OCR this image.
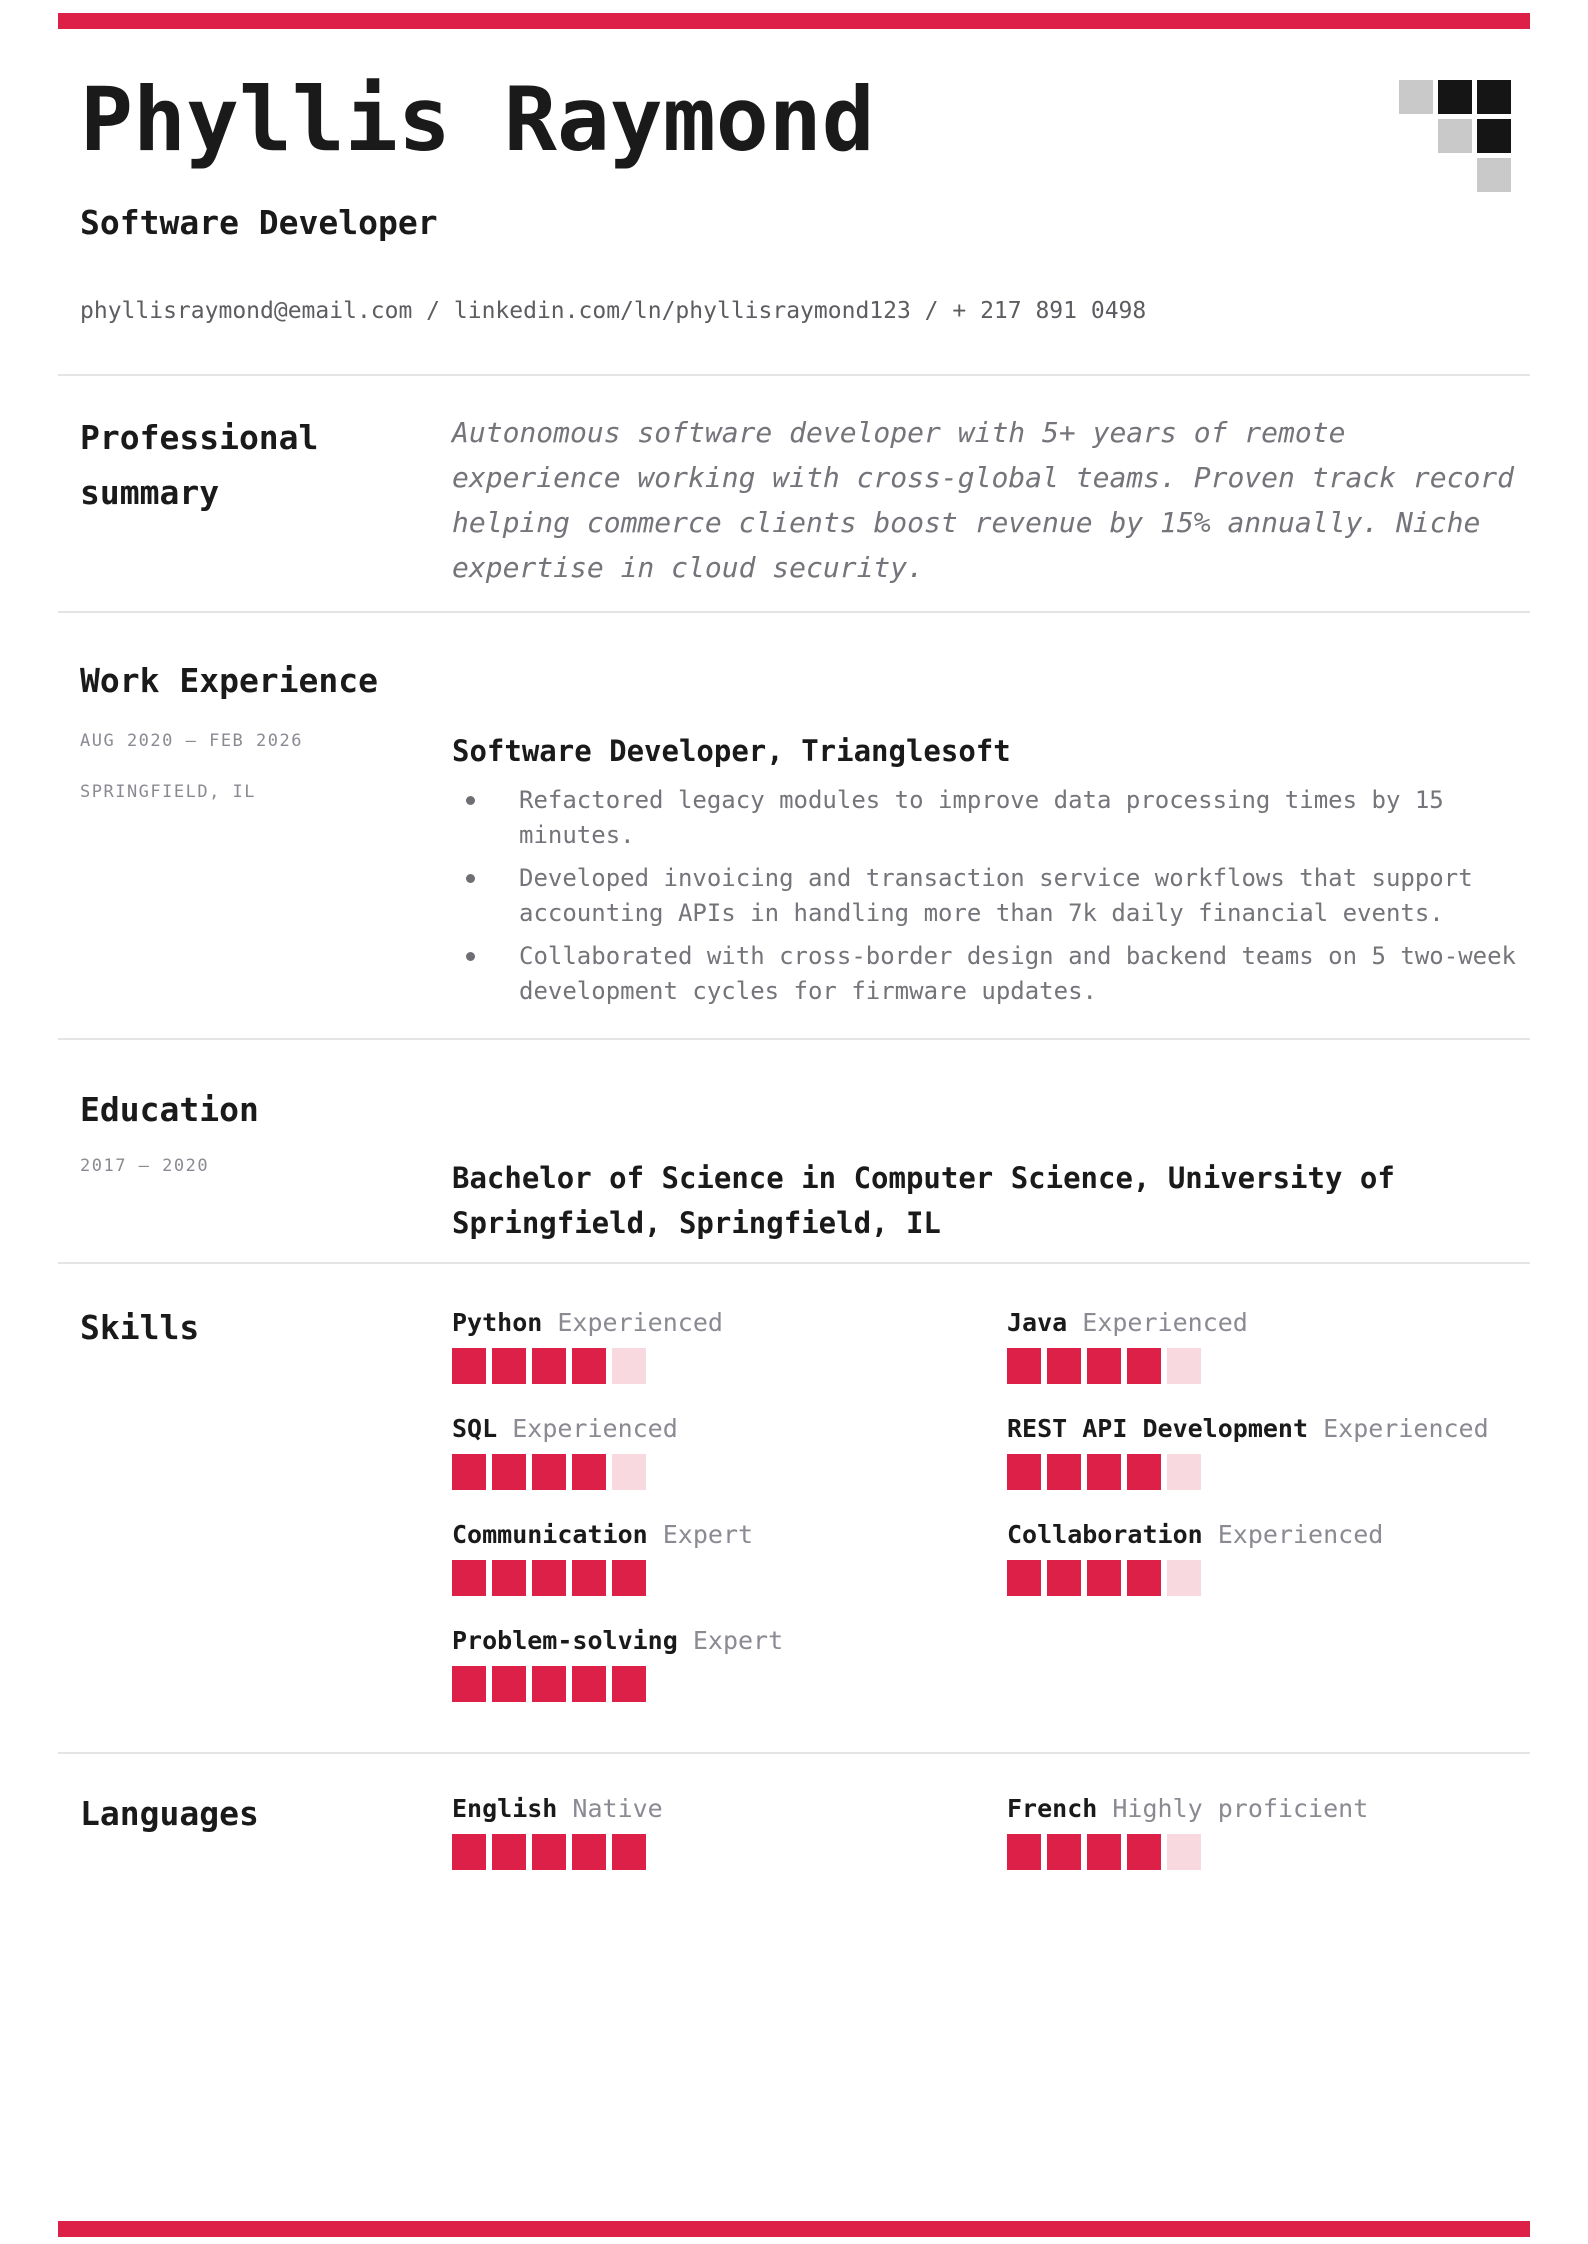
Phyllis Raymond
Software Developer
phyllisraymond@email.com / linkedin.com/ln/phyllisraymond123 / + 217 891 0498
Professional summary

Autonomous software developer with 5+ years of remote experience working with cross-global teams. Proven track record helping commerce clients boost revenue by 15% annually. Niche expertise in cloud security.

Work Experience
AUG 2020 — FEB 2026
SPRINGFIELD, IL
Software Developer, Trianglesoft
Refactored legacy modules to improve data processing times by 15 minutes.
Developed invoicing and transaction service workflows that support accounting APIs in handling more than 7k daily financial events.
Collaborated with cross-border design and backend teams on 5 two-week development cycles for firmware updates.
Education
2017 — 2020	Bachelor of Science in Computer Science, University of Springfield, Springfield, IL
Skills	Python Experienced	Java Experienced
SQL Experienced	REST API Development Experienced
Communication Expert	Collaboration Experienced
Problem-solving Expert
Languages	English Native	French Highly proficient
